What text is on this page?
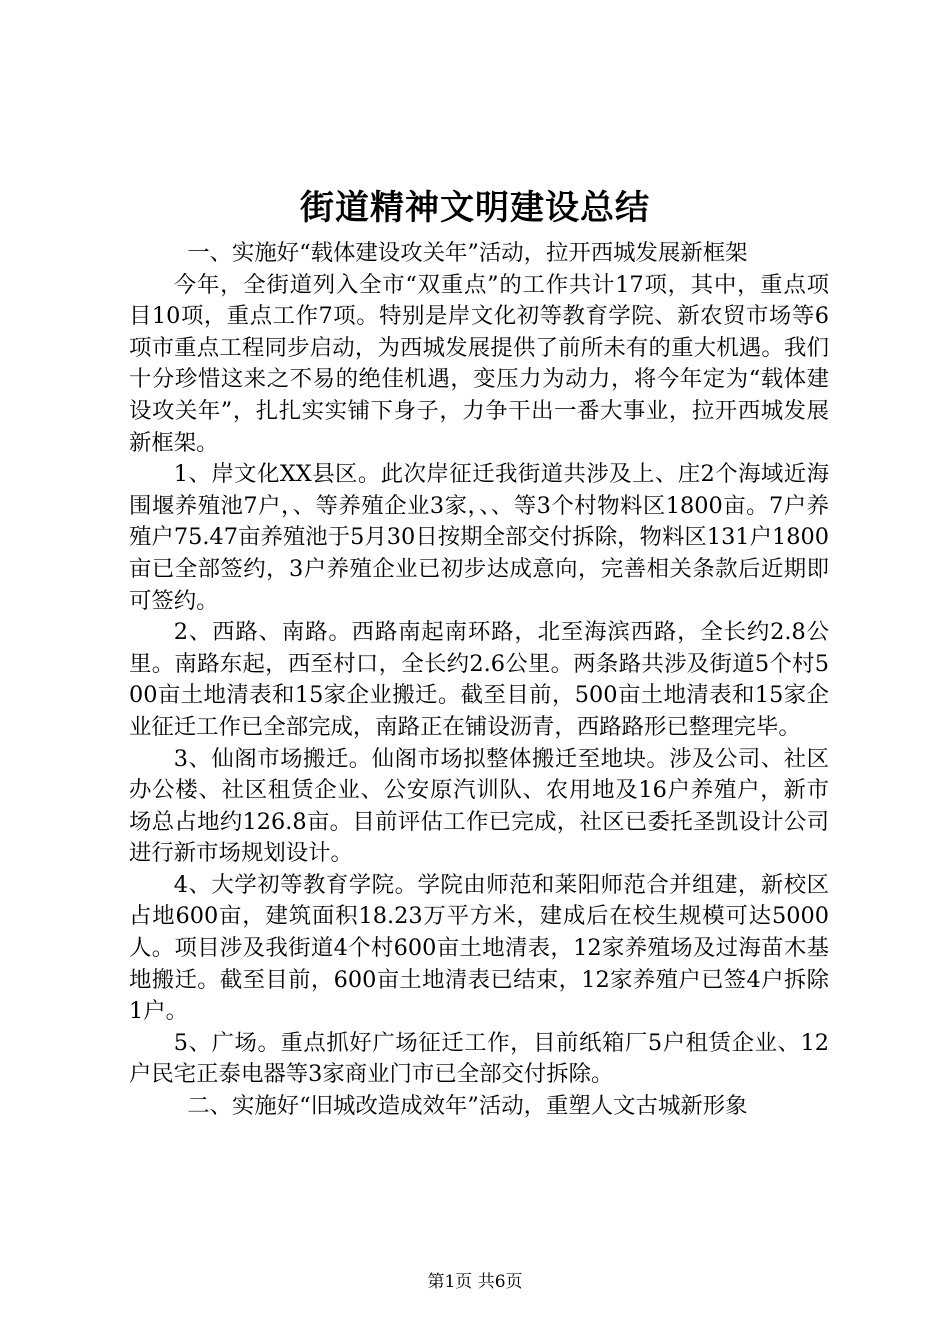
街道精神文明建设总结

一、实施好“载体建设攻关年”活动，拉开西城发展新框架

今年，全街道列入全市“双重点”的工作共计17项，其中，重点项目10项，重点工作7项。特别是岸文化初等教育学院、新农贸市场等6项市重点工程同步启动，为西城发展提供了前所未有的重大机遇。我们十分珍惜这来之不易的绝佳机遇，变压力为动力，将今年定为“载体建设攻关年”，扎扎实实铺下身子，力争干出一番大事业，拉开西城发展新框架。

1、岸文化XX县区。此次岸征迁我街道共涉及上、庄2个海域近海围堰养殖池7户，、等养殖企业3家，、、等3个村物料区1800亩。7户养殖户75.47亩养殖池于5月30日按期全部交付拆除，物料区131户1800亩已全部签约，3户养殖企业已初步达成意向，完善相关条款后近期即可签约。

2、西路、南路。西路南起南环路，北至海滨西路，全长约2.8公里。南路东起，西至村口，全长约2.6公里。两条路共涉及街道5个村500亩土地清表和15家企业搬迁。截至目前，500亩土地清表和15家企业征迁工作已全部完成，南路正在铺设沥青，西路路形已整理完毕。

3、仙阁市场搬迁。仙阁市场拟整体搬迁至地块。涉及公司、社区办公楼、社区租赁企业、公安原汽训队、农用地及16户养殖户，新市场总占地约126.8亩。目前评估工作已完成，社区已委托圣凯设计公司进行新市场规划设计。

4、大学初等教育学院。学院由师范和莱阳师范合并组建，新校区占地600亩，建筑面积18.23万平方米，建成后在校生规模可达5000人。项目涉及我街道4个村600亩土地清表，12家养殖场及过海苗木基地搬迁。截至目前，600亩土地清表已结束，12家养殖户已签4户拆除1户。

5、广场。重点抓好广场征迁工作，目前纸箱厂5户租赁企业、12户民宅正泰电器等3家商业门市已全部交付拆除。

二、实施好“旧城改造成效年”活动，重塑人文古城新形象

第1页 共6页
